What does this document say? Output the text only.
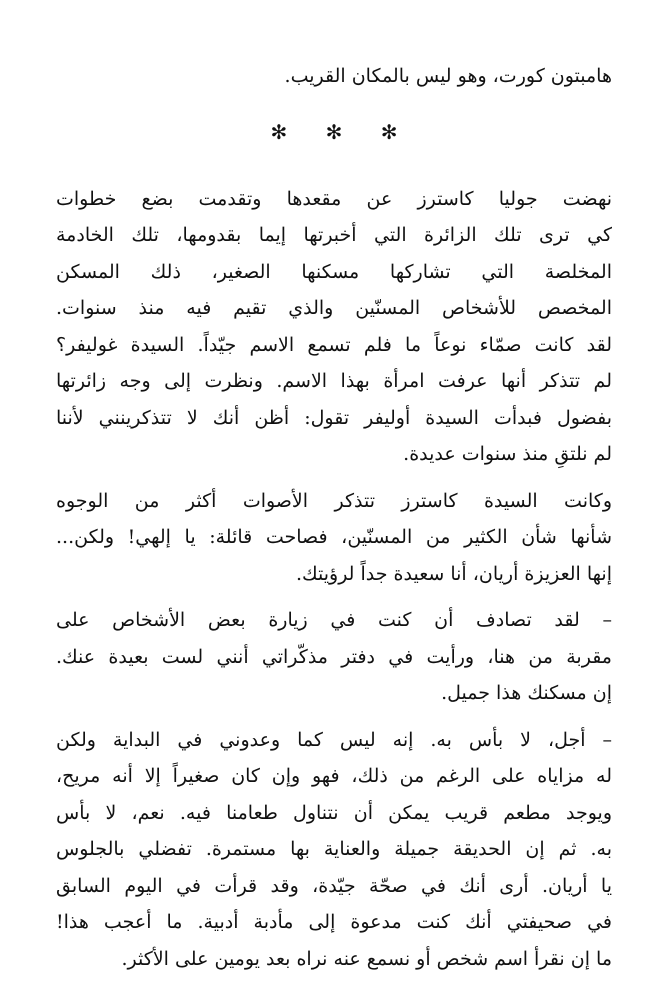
هامبتون كورت، وهو ليس بالمكان القريب.
✻ ✻ ✻
نهضت جوليا كاسترز عن مقعدها وتقدمت بضع خطوات
كي ترى تلك الزائرة التي أخبرتها إيما بقدومها، تلك الخادمة
المخلصة التي تشاركها مسكنها الصغير، ذلك المسكن
المخصص للأشخاص المسنّين والذي تقيم فيه منذ سنوات.
لقد كانت صمّاء نوعاً ما فلم تسمع الاسم جيّداً. السيدة غوليفر؟
لم تتذكر أنها عرفت امرأة بهذا الاسم. ونظرت إلى وجه زائرتها
بفضول فبدأت السيدة أوليفر تقول: أظن أنك لا تتذكرينني لأننا
لم نلتقِ منذ سنوات عديدة.
وكانت السيدة كاسترز تتذكر الأصوات أكثر من الوجوه
شأنها شأن الكثير من المسنّين، فصاحت قائلة: يا إلهي! ولكن...
إنها العزيزة أريان، أنا سعيدة جداً لرؤيتك.
– لقد تصادف أن كنت في زيارة بعض الأشخاص على
مقربة من هنا، ورأيت في دفتر مذكّراتي أنني لست بعيدة عنك.
إن مسكنك هذا جميل.
– أجل، لا بأس به. إنه ليس كما وعدوني في البداية ولكن
له مزاياه على الرغم من ذلك، فهو وإن كان صغيراً إلا أنه مريح،
ويوجد مطعم قريب يمكن أن نتناول طعامنا فيه. نعم، لا بأس
به. ثم إن الحديقة جميلة والعناية بها مستمرة. تفضلي بالجلوس
يا أريان. أرى أنك في صحّة جيّدة، وقد قرأت في اليوم السابق
في صحيفتي أنك كنت مدعوة إلى مأدبة أدبية. ما أعجب هذا!
ما إن نقرأ اسم شخص أو نسمع عنه نراه بعد يومين على الأكثر.
